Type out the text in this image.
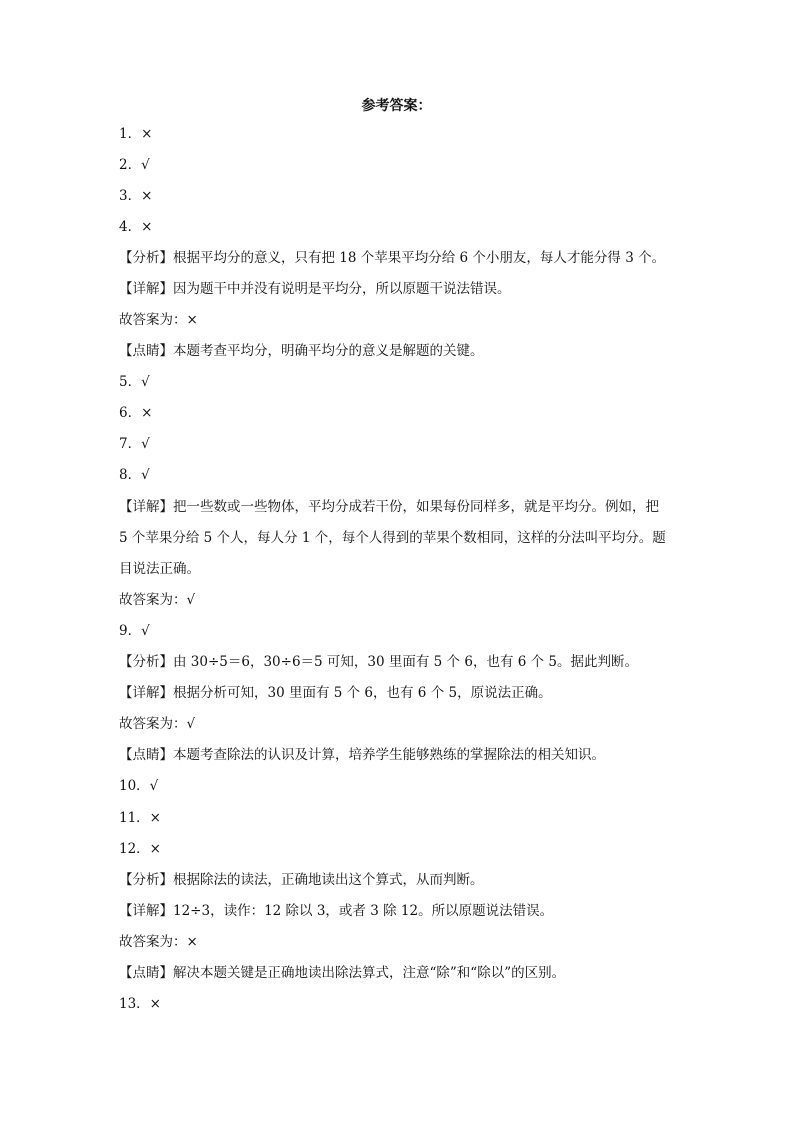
参考答案：
1．×
2．√
3．×
4．×
【分析】根据平均分的意义，只有把 18 个苹果平均分给 6 个小朋友，每人才能分得 3 个。
【详解】因为题干中并没有说明是平均分，所以原题干说法错误。
故答案为：×
【点睛】本题考查平均分，明确平均分的意义是解题的关键。
5．√
6．×
7．√
8．√
【详解】把一些数或一些物体，平均分成若干份，如果每份同样多，就是平均分。例如，把
5 个苹果分给 5 个人，每人分 1 个，每个人得到的苹果个数相同，这样的分法叫平均分。题
目说法正确。
故答案为：√
9．√
【分析】由 30÷5＝6，30÷6＝5 可知，30 里面有 5 个 6，也有 6 个 5。据此判断。
【详解】根据分析可知，30 里面有 5 个 6，也有 6 个 5，原说法正确。
故答案为：√
【点睛】本题考查除法的认识及计算，培养学生能够熟练的掌握除法的相关知识。
10．√
11．×
12．×
【分析】根据除法的读法，正确地读出这个算式，从而判断。
【详解】12÷3，读作：12 除以 3，或者 3 除 12。所以原题说法错误。
故答案为：×
【点睛】解决本题关键是正确地读出除法算式，注意“除”和“除以”的区别。
13．×
